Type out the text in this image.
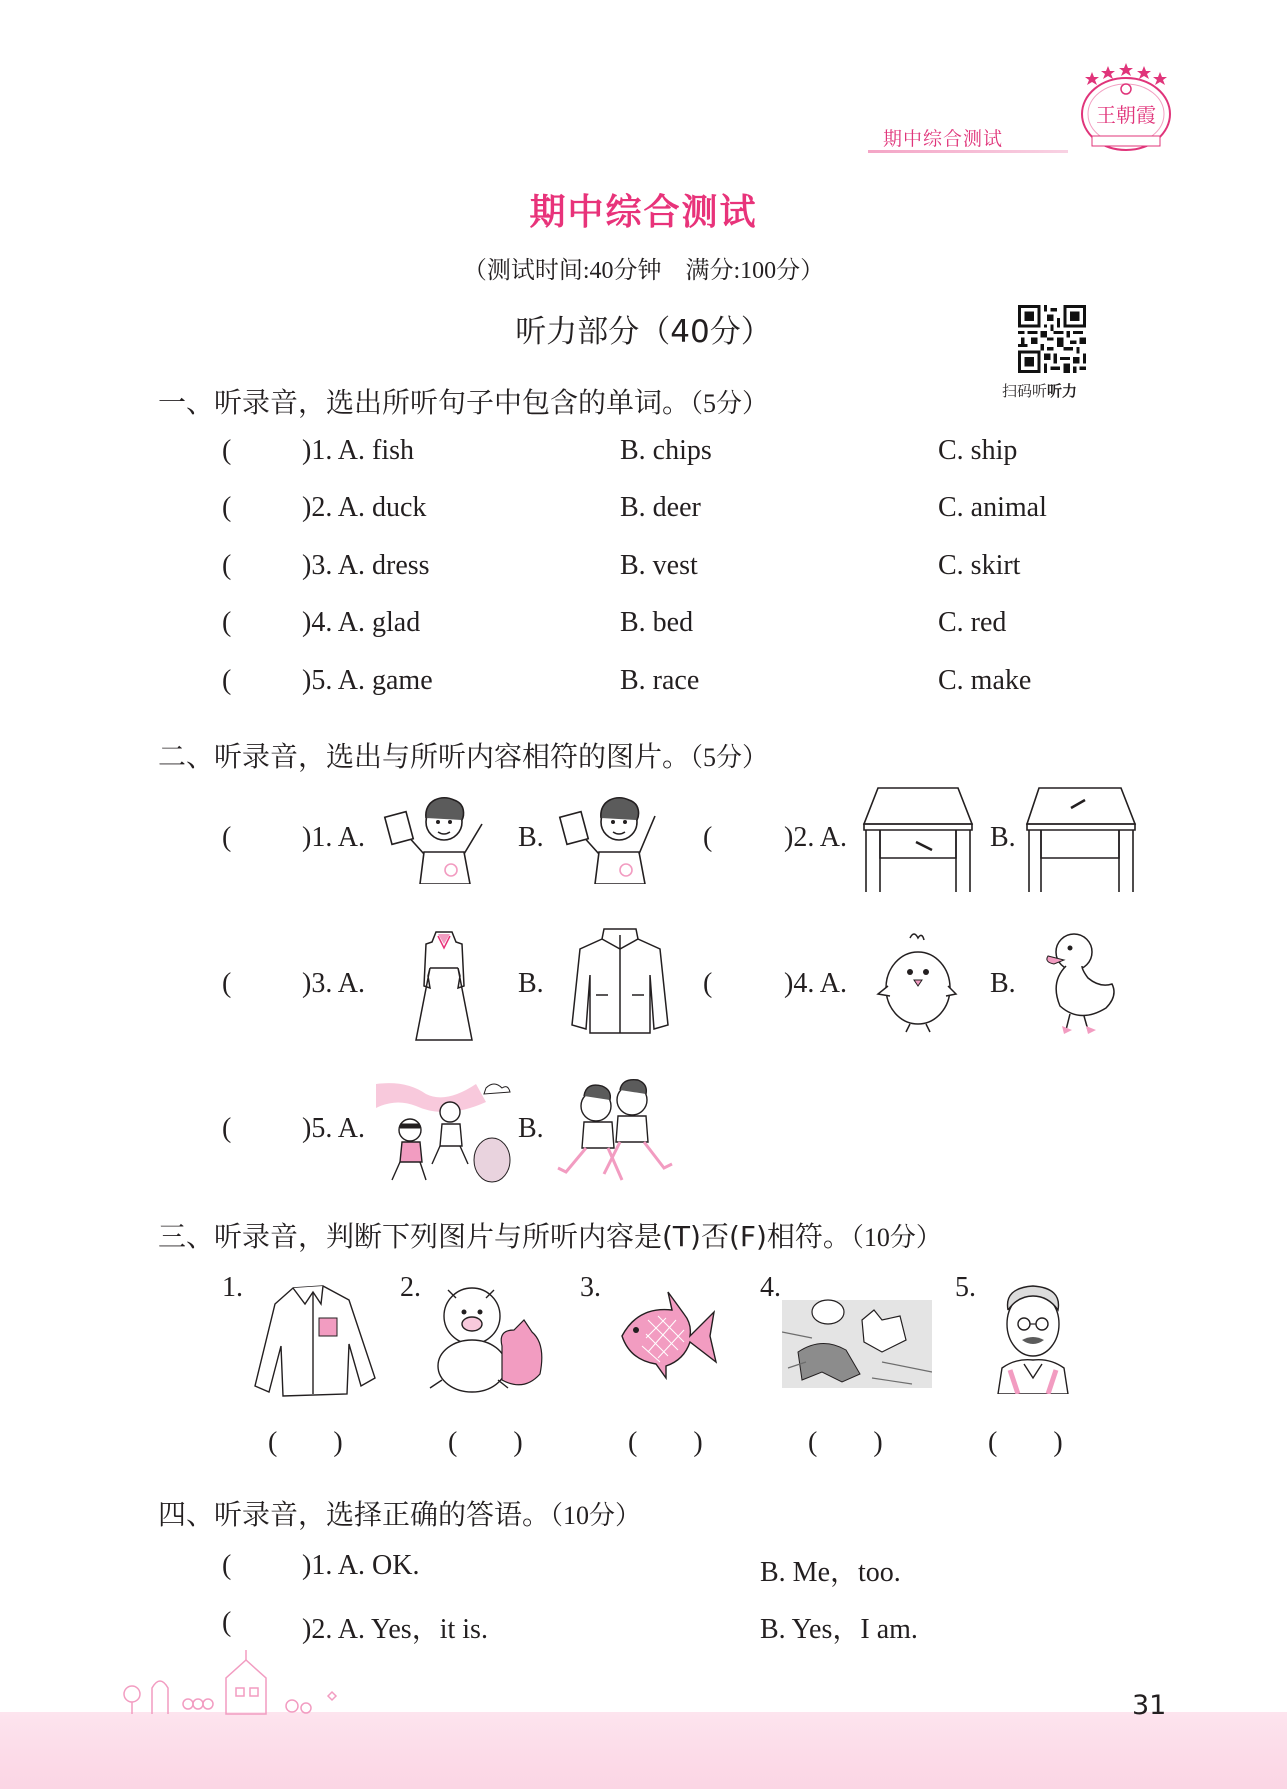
期中综合测试
王朝霞
期中综合测试
（测试时间:40分钟　满分:100分）
听力部分（40分）
扫码听听力
一、听录音，选出所听句子中包含的单词。（5分）
(	)1. A. fish	B. chips	C. ship
(	)2. A. duck	B. deer	C. animal
(	)3. A. dress	B. vest	C. skirt
(	)4. A. glad	B. bed	C. red
(	)5. A. game	B. race	C. make
二、听录音，选出与所听内容相符的图片。（5分）
(	)1. A.	B.	(	)2. A.	B.
(	)3. A.	B.	(	)4. A.	B.
(	)5. A.	B.
三、听录音，判断下列图片与所听内容是(T)否(F)相符。（10分）
1.	2.	3.	4.	5.
(　　)	(　　)	(　　)	(　　)	(　　)
四、听录音，选择正确的答语。（10分）
(	)1. A. OK.	B. Me，too.
(	)2. A. Yes，it is.	B. Yes，I am.
31
